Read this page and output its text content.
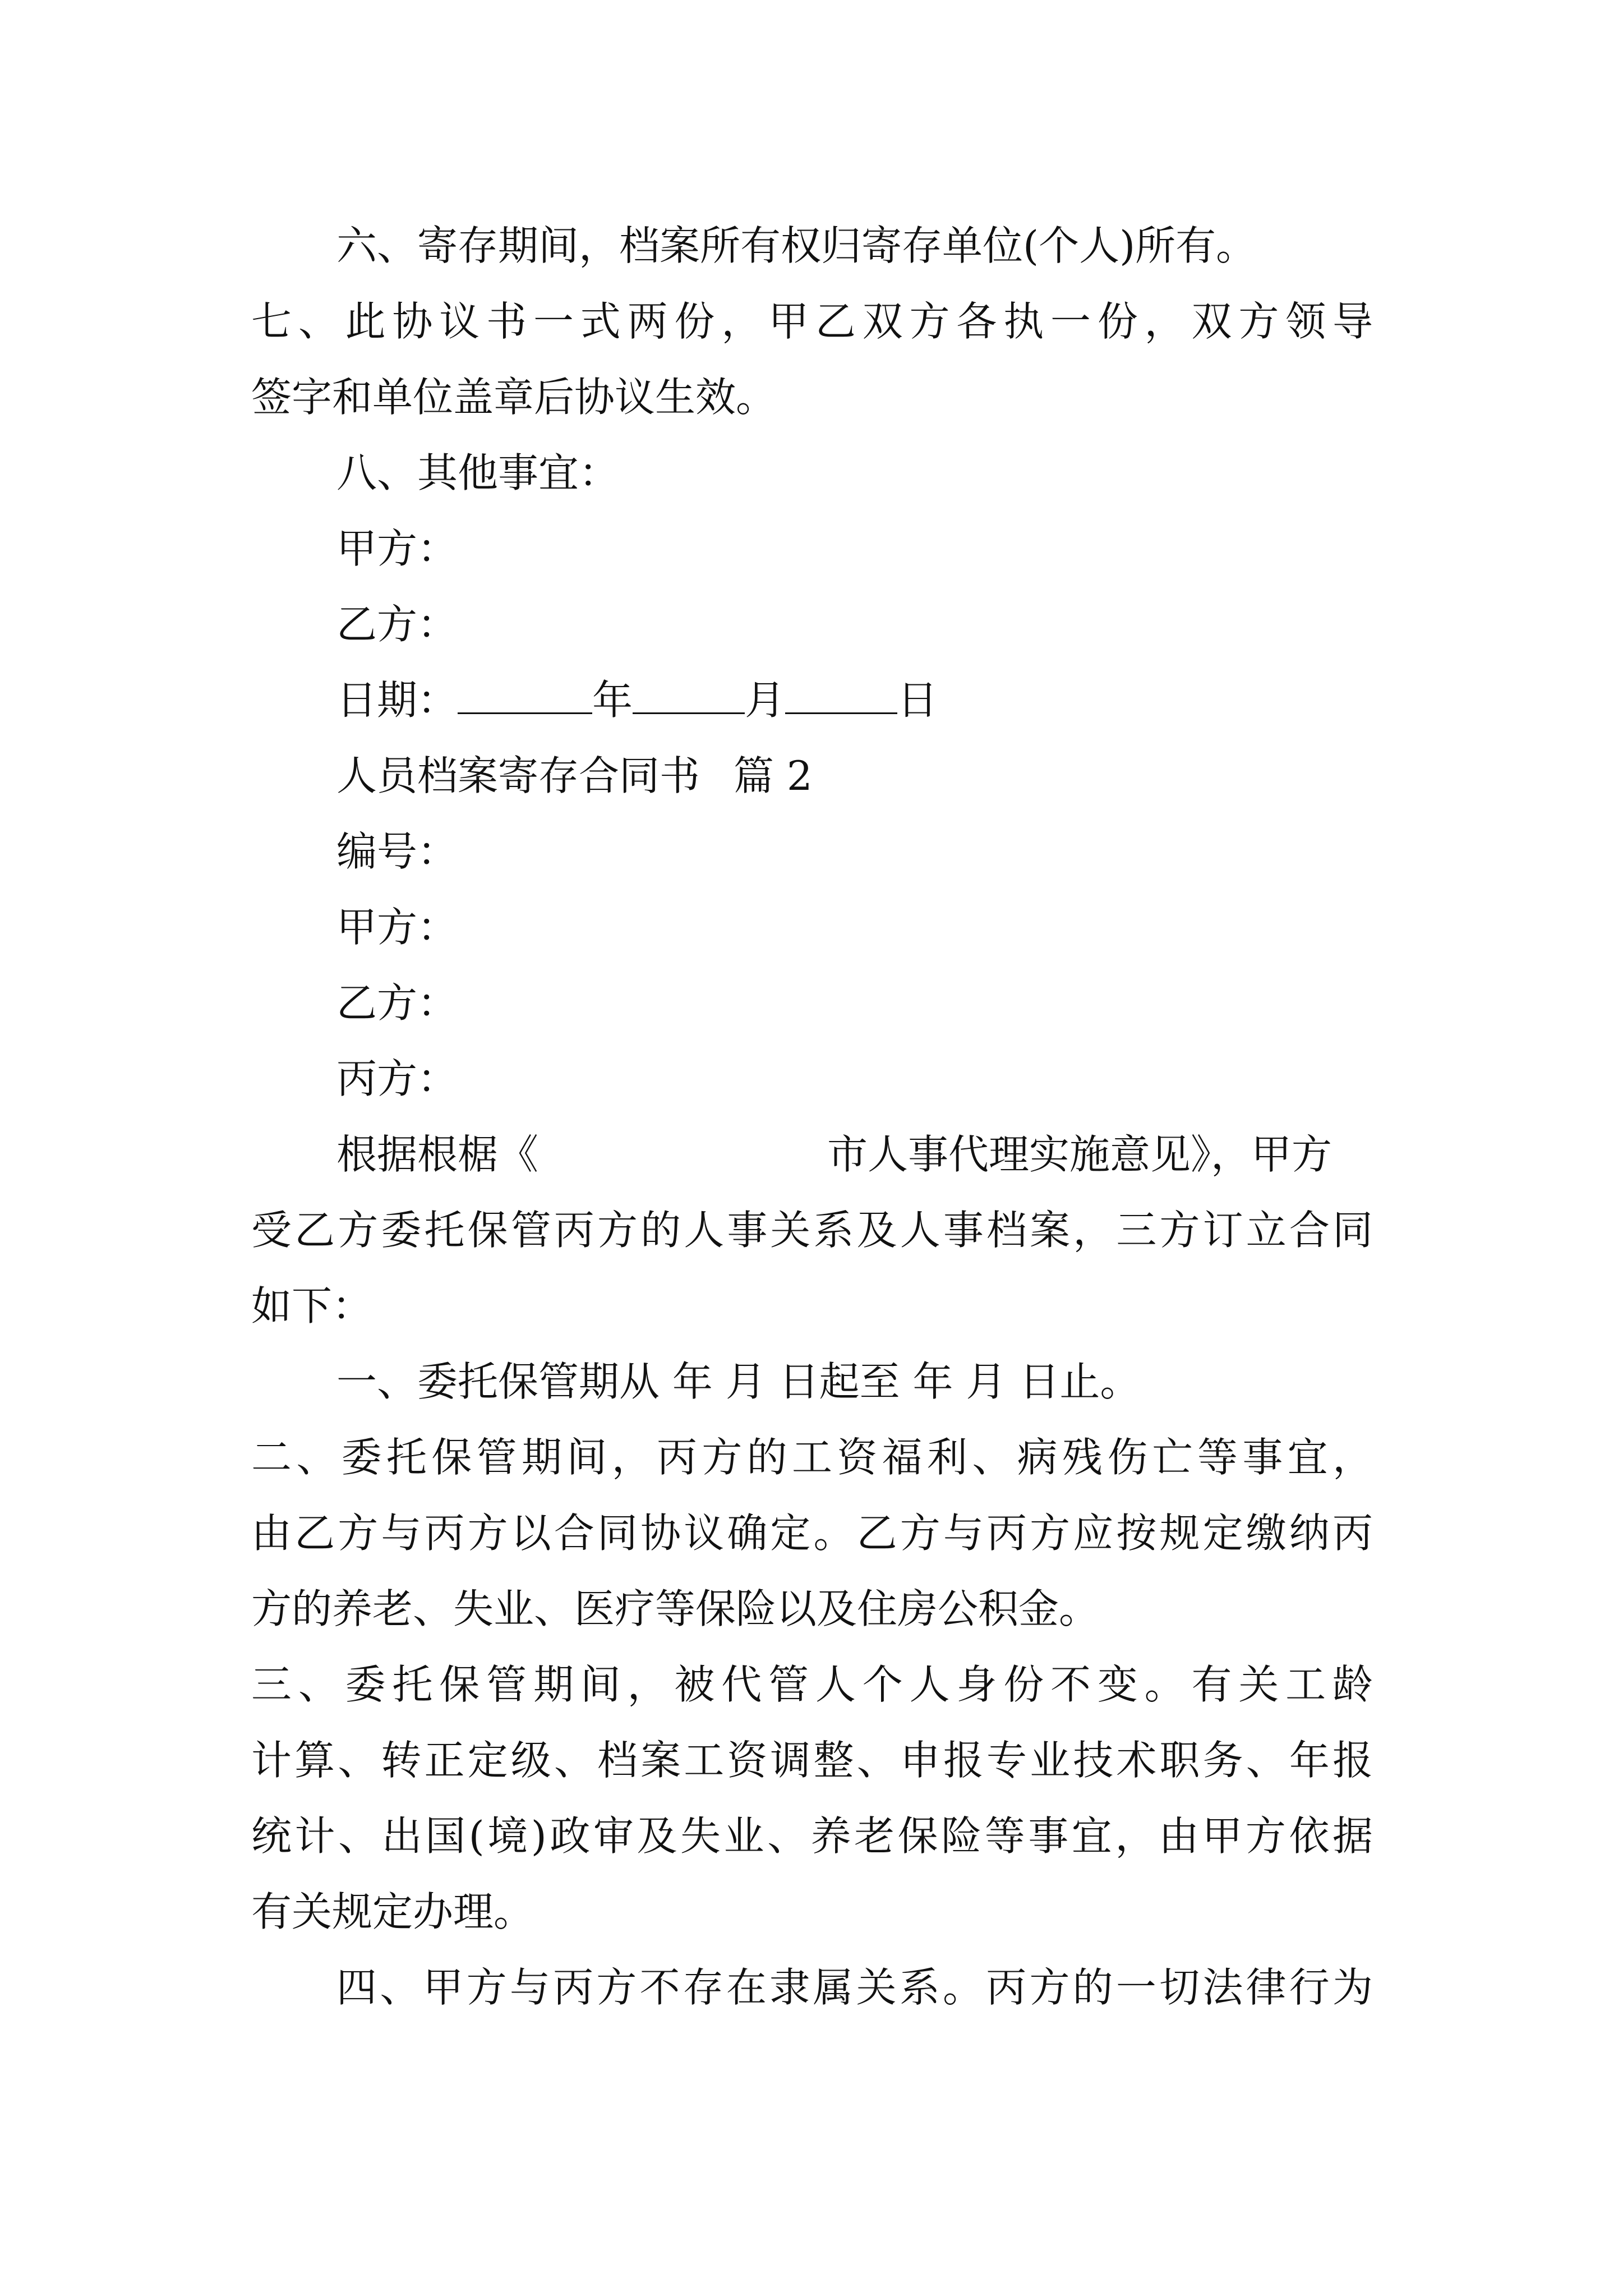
六、寄存期间，档案所有权归寄存单位(个人)所有。

七、此协议书一式两份，甲乙双方各执一份，双方领导

签字和单位盖章后协议生效。

八、其他事宜：

甲方：

乙方：

日期：	年	月	日

人员档案寄存合同书 篇 2

编号：

甲方：

乙方：

丙方：

根据根椐《	市人事代理实施意见》，甲方

受乙方委托保管丙方的人事关系及人事档案，三方订立合同

如下：

一、委托保管期从 年 月 日起至 年 月 日止。

二、委托保管期间，丙方的工资福利、病残伤亡等事宜，

由乙方与丙方以合同协议确定。乙方与丙方应按规定缴纳丙

方的养老、失业、医疗等保险以及住房公积金。

三、委托保管期间，被代管人个人身份不变。有关工龄

计算、转正定级、档案工资调整、申报专业技术职务、年报

统计、出国(境)政审及失业、养老保险等事宜，由甲方依据

有关规定办理。

四、甲方与丙方不存在隶属关系。丙方的一切法律行为
